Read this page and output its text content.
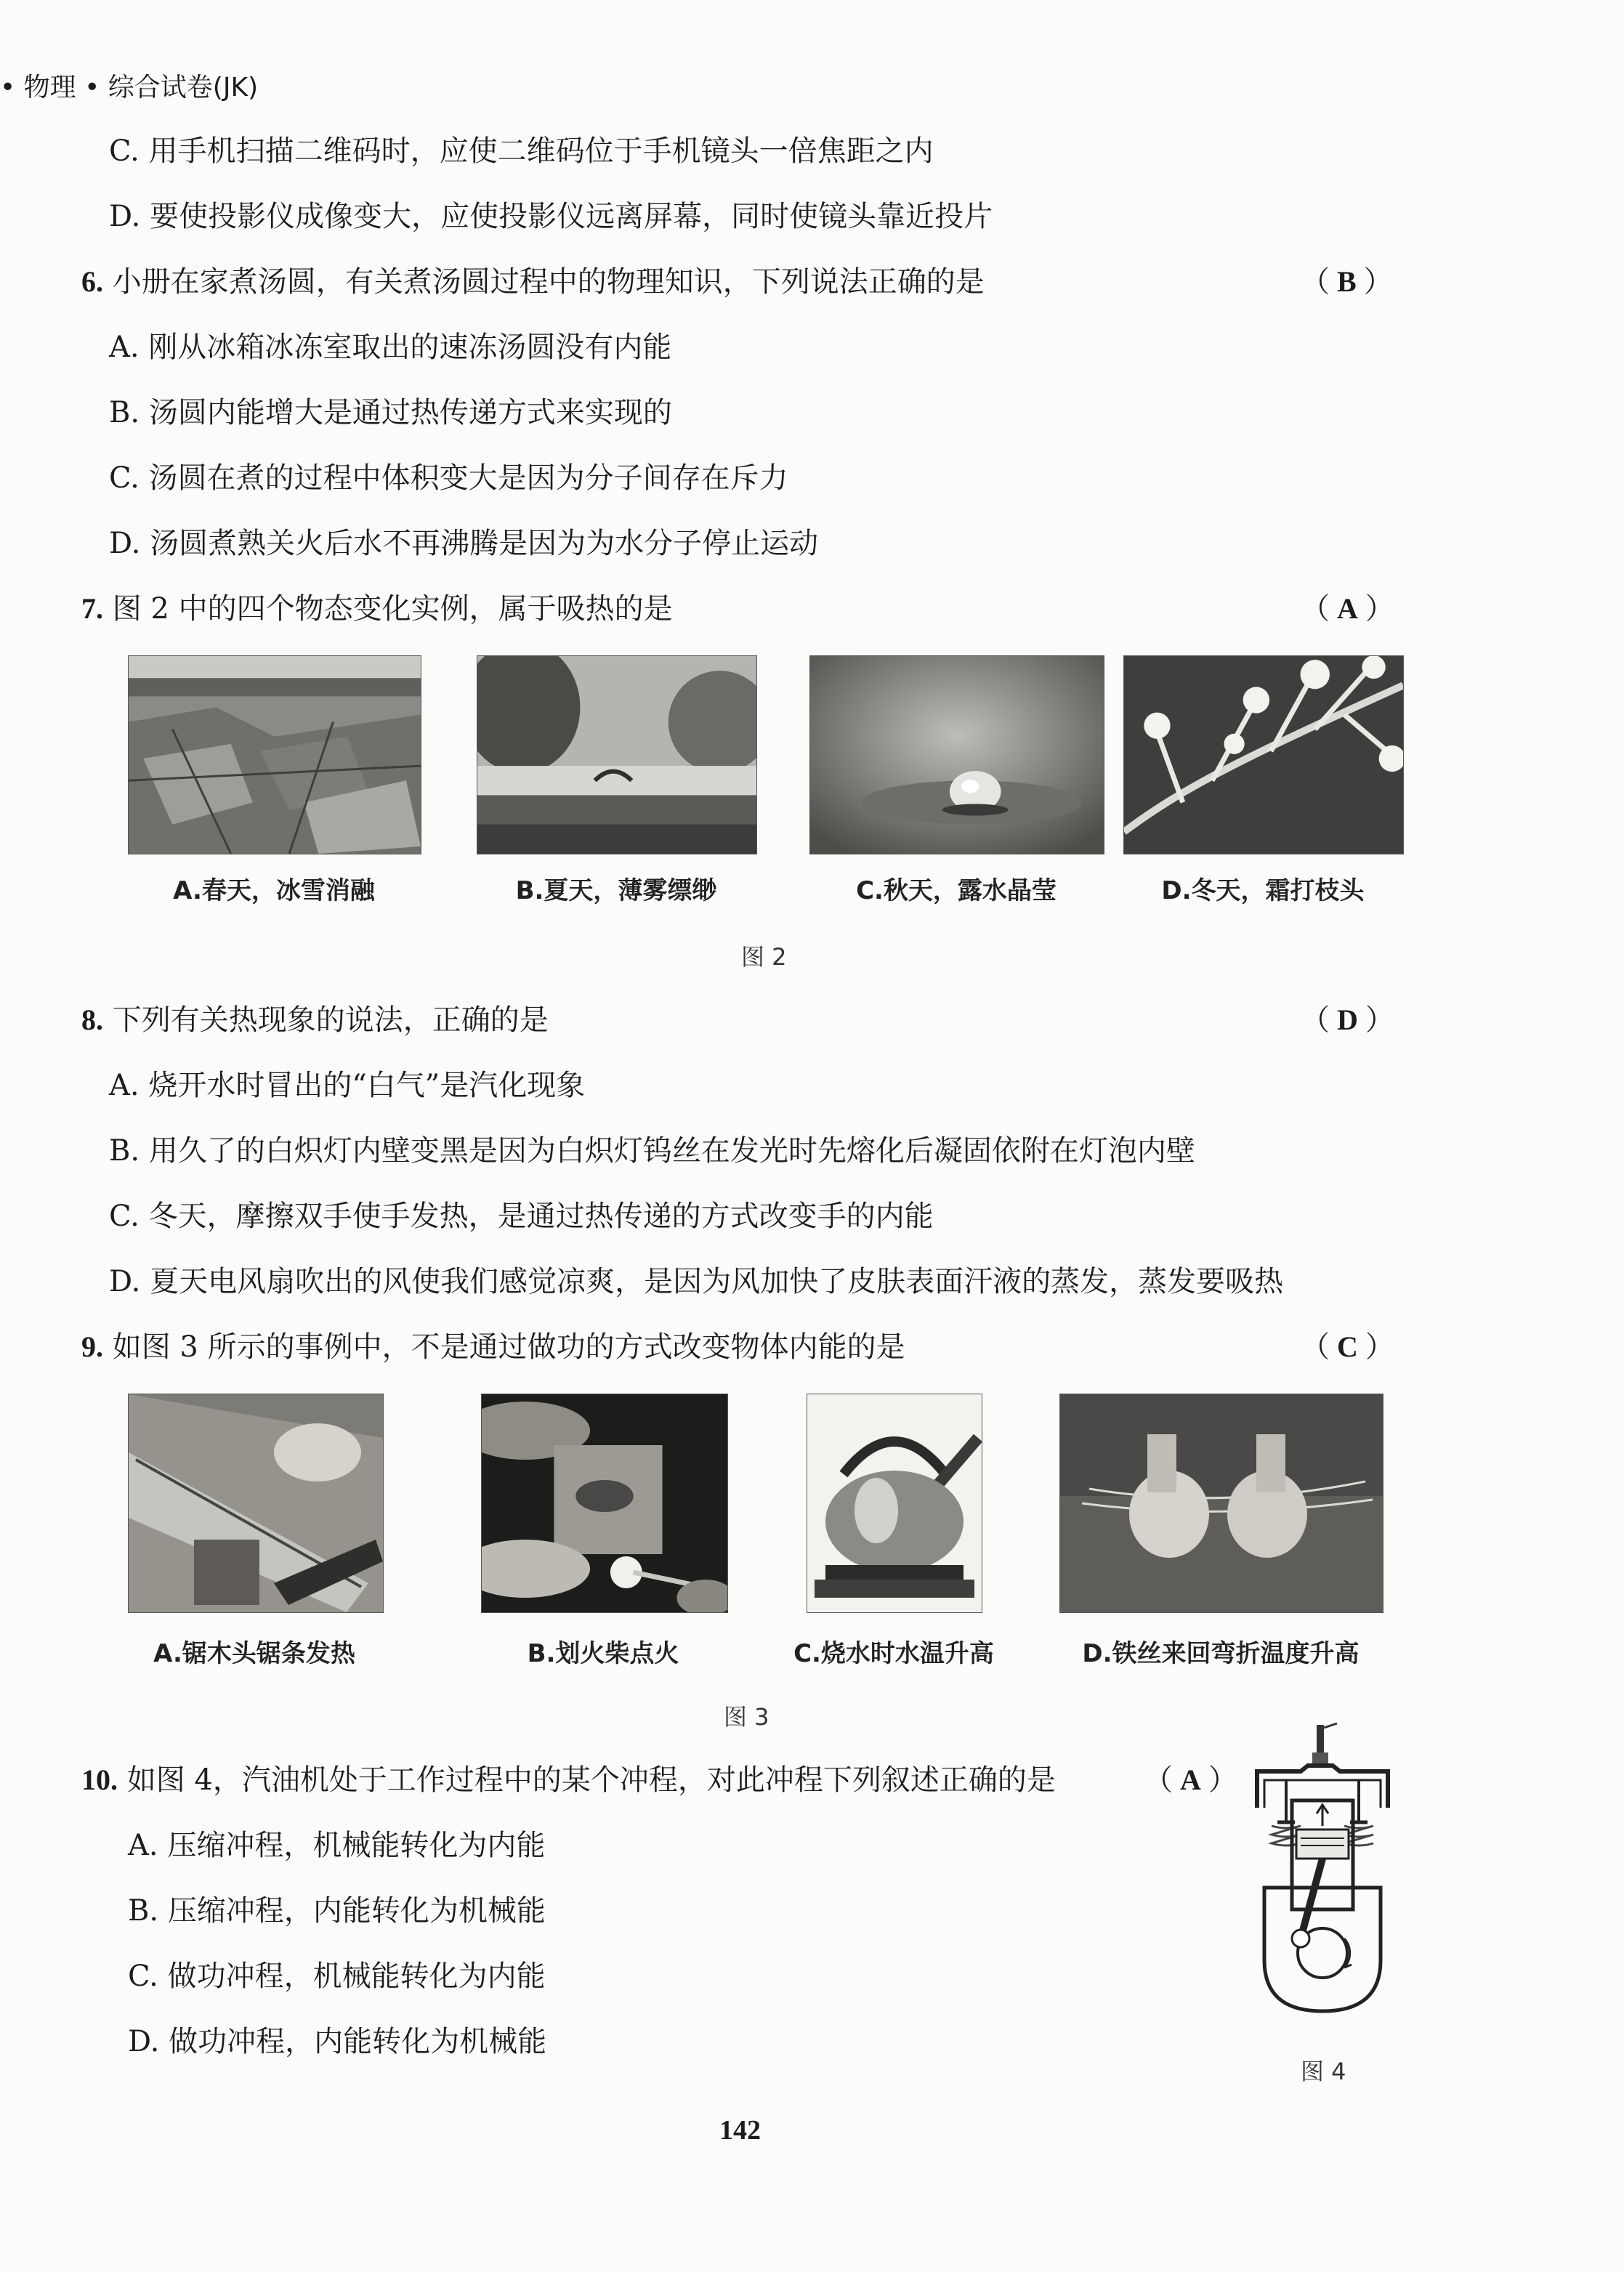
• 物理 • 综合试卷(JK)
C. 用手机扫描二维码时，应使二维码位于手机镜头一倍焦距之内
D. 要使投影仪成像变大，应使投影仪远离屏幕，同时使镜头靠近投片
6. 小册在家煮汤圆，有关煮汤圆过程中的物理知识，下列说法正确的是	（ B ）
A. 刚从冰箱冰冻室取出的速冻汤圆没有内能
B. 汤圆内能增大是通过热传递方式来实现的
C. 汤圆在煮的过程中体积变大是因为分子间存在斥力
D. 汤圆煮熟关火后水不再沸腾是因为为水分子停止运动
7. 图 2 中的四个物态变化实例，属于吸热的是	（ A ）
A.春天，冰雪消融	B.夏天，薄雾缥缈	C.秋天，露水晶莹	D.冬天，霜打枝头
图 2
8. 下列有关热现象的说法，正确的是	（ D ）
A. 烧开水时冒出的“白气”是汽化现象
B. 用久了的白炽灯内壁变黑是因为白炽灯钨丝在发光时先熔化后凝固依附在灯泡内壁
C. 冬天，摩擦双手使手发热，是通过热传递的方式改变手的内能
D. 夏天电风扇吹出的风使我们感觉凉爽，是因为风加快了皮肤表面汗液的蒸发，蒸发要吸热
9. 如图 3 所示的事例中，不是通过做功的方式改变物体内能的是	（ C ）
A.锯木头锯条发热	B.划火柴点火	C.烧水时水温升高	D.铁丝来回弯折温度升高
图 3
10. 如图 4，汽油机处于工作过程中的某个冲程，对此冲程下列叙述正确的是	（ A ）
A. 压缩冲程，机械能转化为内能
B. 压缩冲程，内能转化为机械能
C. 做功冲程，机械能转化为内能
D. 做功冲程，内能转化为机械能
图 4
142
